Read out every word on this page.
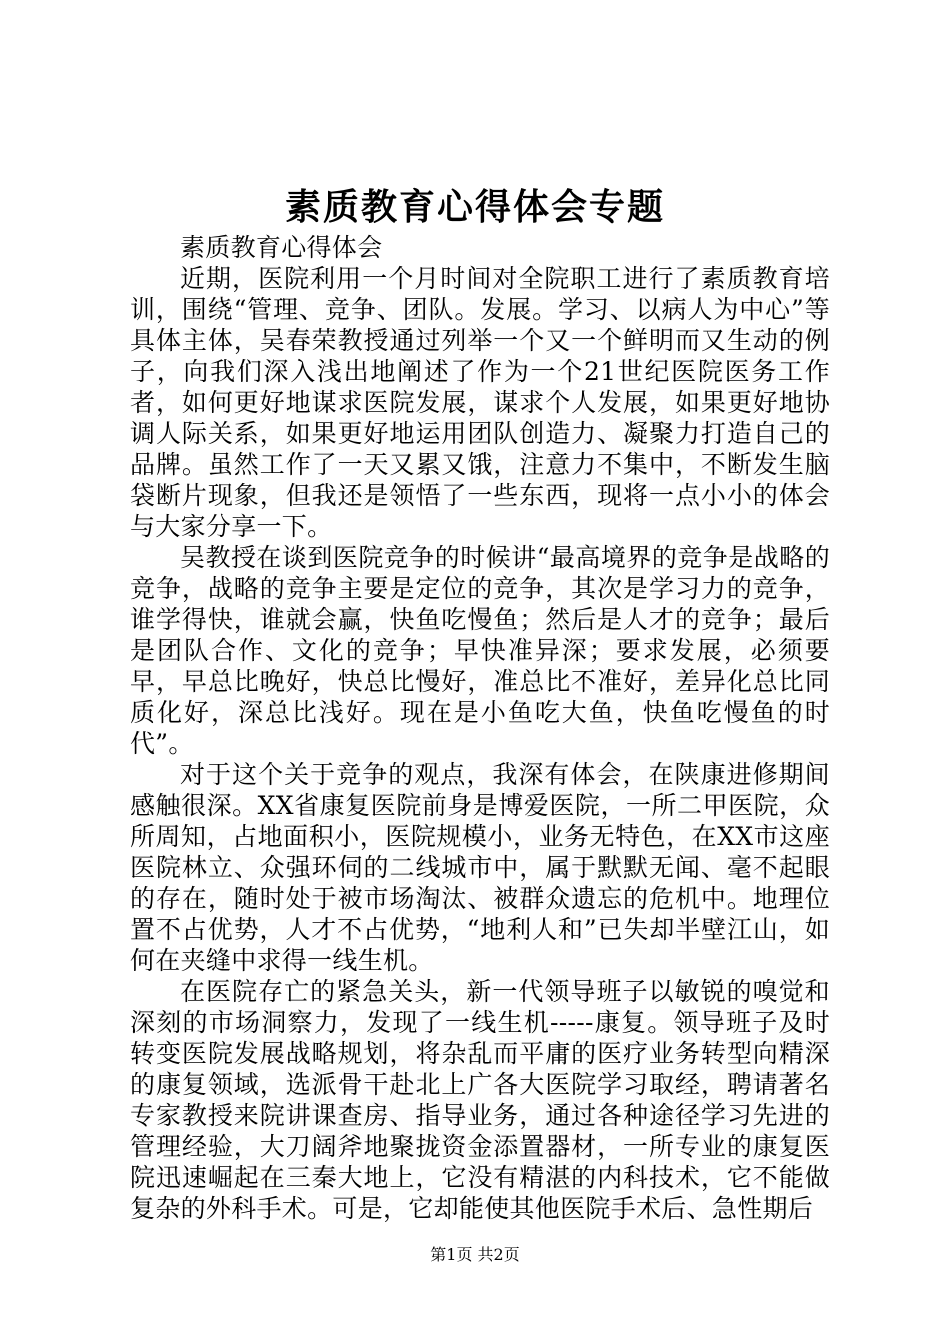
素质教育心得体会专题

素质教育心得体会

近期，医院利用一个月时间对全院职工进行了素质教育培训，围绕“管理、竞争、团队。发展。学习、以病人为中心”等具体主体，吴春荣教授通过列举一个又一个鲜明而又生动的例子，向我们深入浅出地阐述了作为一个21世纪医院医务工作者，如何更好地谋求医院发展，谋求个人发展，如果更好地协调人际关系，如果更好地运用团队创造力、凝聚力打造自己的品牌。虽然工作了一天又累又饿，注意力不集中，不断发生脑袋断片现象，但我还是领悟了一些东西，现将一点小小的体会与大家分享一下。

吴教授在谈到医院竞争的时候讲“最高境界的竞争是战略的竞争，战略的竞争主要是定位的竞争，其次是学习力的竞争，谁学得快，谁就会赢，快鱼吃慢鱼；然后是人才的竞争；最后是团队合作、文化的竞争；早快准异深；要求发展，必须要早，早总比晚好，快总比慢好，准总比不准好，差异化总比同质化好，深总比浅好。现在是小鱼吃大鱼，快鱼吃慢鱼的时代”。

对于这个关于竞争的观点，我深有体会，在陕康进修期间感触很深。XX省康复医院前身是博爱医院，一所二甲医院，众所周知，占地面积小，医院规模小，业务无特色，在XX市这座医院林立、众强环伺的二线城市中，属于默默无闻、毫不起眼的存在，随时处于被市场淘汰、被群众遗忘的危机中。地理位置不占优势，人才不占优势，“地利人和”已失却半壁江山，如何在夹缝中求得一线生机。

在医院存亡的紧急关头，新一代领导班子以敏锐的嗅觉和深刻的市场洞察力，发现了一线生机-----康复。领导班子及时转变医院发展战略规划，将杂乱而平庸的医疗业务转型向精深的康复领域，选派骨干赴北上广各大医院学习取经，聘请著名专家教授来院讲课查房、指导业务，通过各种途径学习先进的管理经验，大刀阔斧地聚拢资金添置器材，一所专业的康复医院迅速崛起在三秦大地上，它没有精湛的内科技术，它不能做复杂的外科手术。可是，它却能使其他医院手术后、急性期后

第1页 共2页
